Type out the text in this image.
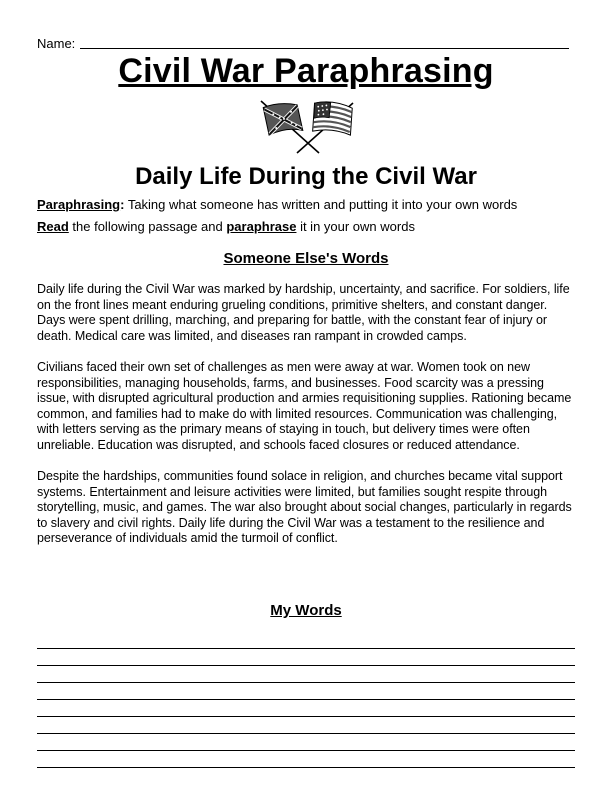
Name:
Civil War Paraphrasing
Daily Life During the Civil War
Paraphrasing: Taking what someone has written and putting it into your own words
Read the following passage and paraphrase it in your own words
Someone Else's Words

Daily life during the Civil War was marked by hardship, uncertainty, and sacrifice. For soldiers, life on the front lines meant enduring grueling conditions, primitive shelters, and constant danger. Days were spent drilling, marching, and preparing for battle, with the constant fear of injury or death. Medical care was limited, and diseases ran rampant in crowded camps.

Civilians faced their own set of challenges as men were away at war. Women took on new responsibilities, managing households, farms, and businesses. Food scarcity was a pressing issue, with disrupted agricultural production and armies requisitioning supplies. Rationing became common, and families had to make do with limited resources. Communication was challenging, with letters serving as the primary means of staying in touch, but delivery times were often unreliable. Education was disrupted, and schools faced closures or reduced attendance.

Despite the hardships, communities found solace in religion, and churches became vital support systems. Entertainment and leisure activities were limited, but families sought respite through storytelling, music, and games. The war also brought about social changes, particularly in regards to slavery and civil rights. Daily life during the Civil War was a testament to the resilience and perseverance of individuals amid the turmoil of conflict.

My Words
